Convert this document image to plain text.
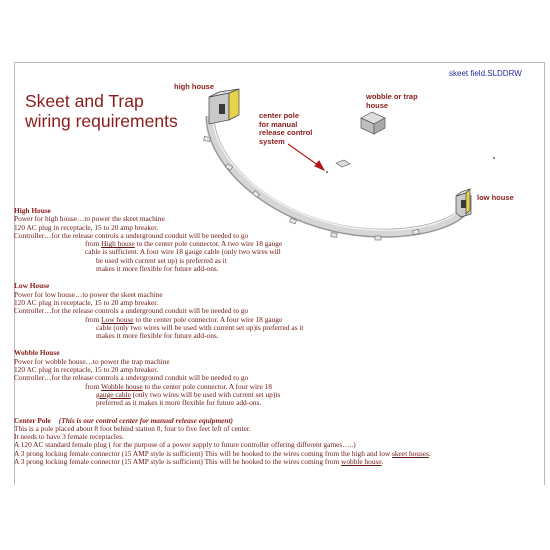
skeet field.SLDDRW
Skeet and Trap
wiring requirements
high house
center pole
for manual
release control
system
wobble or trap
house
low house
High House
Power for high house…to power the skeet machine
120 AC plug in receptacle, 15 to 20 amp breaker.
Controller…for the release controls a underground conduit will be needed to go
from High house to the center pole connector. A two wire 18 gauge
cable is sufficient. A four wire 18 gauge cable (only two wires will
be used with current set up) is preferred as it
makes it more flexible for future add-ons.
Low House
Power for low house…to power the skeet machine
120 AC plug in receptacle, 15 to 20 amp breaker.
Controller…for the release controls a underground conduit will be needed to go
from Low house to the center pole connector. A four wire 18 gauge
cable (only two wires will be used with current set up)is preferred as it
makes it more flexible for future add-ons.
Wobble House
Power for wobble house…to power the trap machine
120 AC plug in receptacle, 15 to 20 amp breaker.
Controller…for the release controls a underground conduit will be needed to go
from Wobble house to the center pole connector. A four wire 18
gauge cable (only two wires will be used with current set up)is
preferred as it makes it more flexible for future add-ons.
Center Pole (This is our control center for manual release equipment)
This is a pole placed about 8 foot behind station 8, four to five feet left of center.
It needs to have 3 female receptacles.
A 120 AC standard female plug ( for the purpose of a power supply to future controller offering different games…..)
A 3 prong locking female connector (15 AMP style is sufficient) This will be hooked to the wires coming from the high and low skeet houses.
A 3 prong locking female connector (15 AMP style is sufficient) This will be hooked to the wires coming from wobble house.
